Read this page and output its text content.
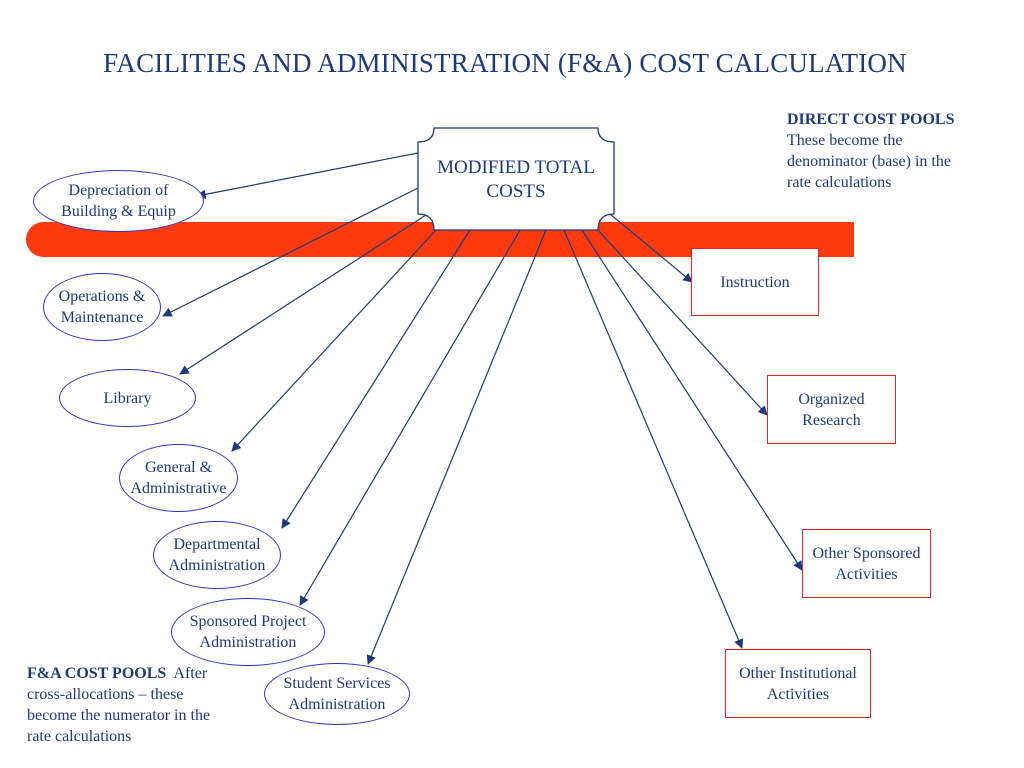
FACILITIES AND ADMINISTRATION (F&A) COST CALCULATION
MODIFIED TOTAL
COSTS
Depreciation of
Building & Equip
Operations &
Maintenance
Library
General &
Administrative
Departmental
Administration
Sponsored Project
Administration
Student Services
Administration
Instruction
Organized
Research
Other Sponsored
Activities
Other Institutional
Activities
DIRECT COST POOLS
These become the
denominator (base) in the
rate calculations
F&A COST POOLS After
cross-allocations – these
become the numerator in the
rate calculations
